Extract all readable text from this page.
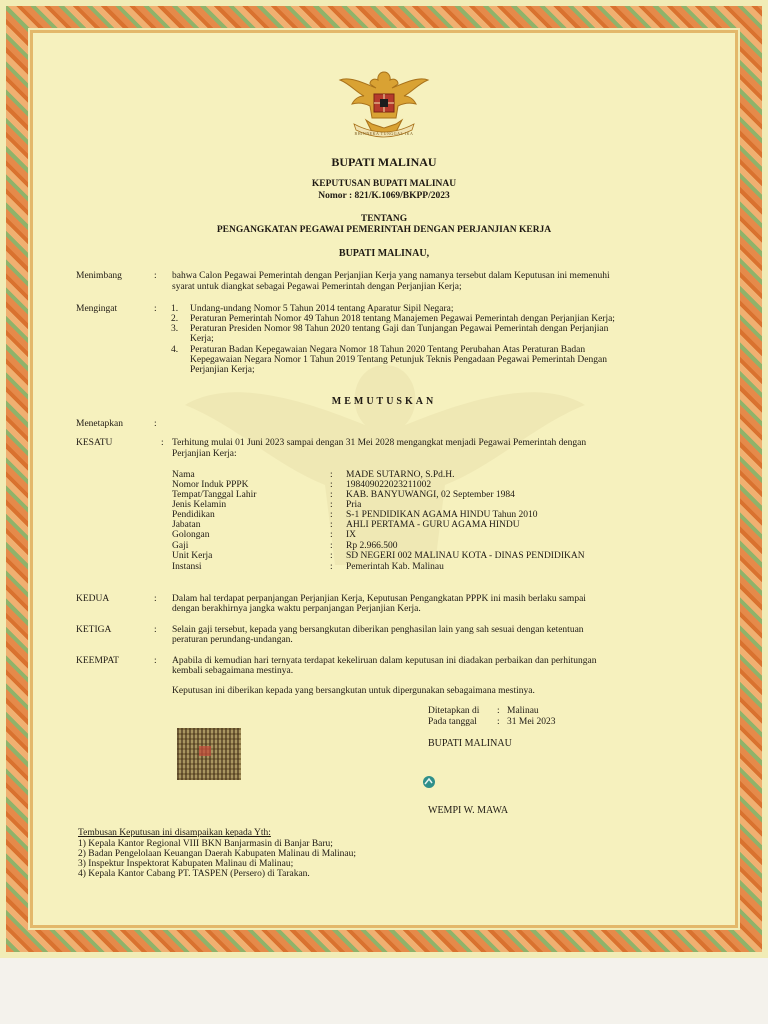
BHINNEKA TUNGGAL IKA
BUPATI MALINAU
KEPUTUSAN BUPATI MALINAU
Nomor : 821/K.1069/BKPP/2023
TENTANG
PENGANGKATAN PEGAWAI PEMERINTAH DENGAN PERJANJIAN KERJA
BUPATI MALINAU,
Menimbang	: bahwa Calon Pegawai Pemerintah dengan Perjanjian Kerja yang namanya tersebut dalam Keputusan ini memenuhi
syarat untuk diangkat sebagai Pegawai Pemerintah dengan Perjanjian Kerja;
Mengingat	: 1. Undang-undang Nomor 5 Tahun 2014 tentang Aparatur Sipil Negara;
2. Peraturan Pemerintah Nomor 49 Tahun 2018 tentang Manajemen Pegawai Pemerintah dengan Perjanjian Kerja;
3. Peraturan Presiden Nomor 98 Tahun 2020 tentang Gaji dan Tunjangan Pegawai Pemerintah dengan Perjanjian
Kerja;
4. Peraturan Badan Kepegawaian Negara Nomor 18 Tahun 2020 Tentang Perubahan Atas Peraturan Badan
Kepegawaian Negara Nomor 1 Tahun 2019 Tentang Petunjuk Teknis Pengadaan Pegawai Pemerintah Dengan
Perjanjian Kerja;
MEMUTUSKAN
Menetapkan	:
KESATU	: Terhitung mulai 01 Juni 2023 sampai dengan 31 Mei 2028 mengangkat menjadi Pegawai Pemerintah dengan
Perjanjian Kerja:
Nama	: MADE SUTARNO, S.Pd.H.
Nomor Induk PPPK	: 198409022023211002
Tempat/Tanggal Lahir	: KAB. BANYUWANGI, 02 September 1984
Jenis Kelamin	: Pria
Pendidikan	: S-1 PENDIDIKAN AGAMA HINDU Tahun 2010
Jabatan	: AHLI PERTAMA - GURU AGAMA HINDU
Golongan	: IX
Gaji	: Rp 2.966.500
Unit Kerja	: SD NEGERI 002 MALINAU KOTA - DINAS PENDIDIKAN
Instansi	: Pemerintah Kab. Malinau
KEDUA	: Dalam hal terdapat perpanjangan Perjanjian Kerja, Keputusan Pengangkatan PPPK ini masih berlaku sampai
dengan berakhirnya jangka waktu perpanjangan Perjanjian Kerja.
KETIGA	: Selain gaji tersebut, kepada yang bersangkutan diberikan penghasilan lain yang sah sesuai dengan ketentuan
peraturan perundang-undangan.
KEEMPAT	: Apabila di kemudian hari ternyata terdapat kekeliruan dalam keputusan ini diadakan perbaikan dan perhitungan
kembali sebagaimana mestinya.
Keputusan ini diberikan kepada yang bersangkutan untuk dipergunakan sebagaimana mestinya.
Ditetapkan di : Malinau
Pada tanggal : 31 Mei 2023
BUPATI MALINAU
WEMPI W. MAWA
Tembusan Keputusan ini disampaikan kepada Yth:
1) Kepala Kantor Regional VIII BKN Banjarmasin di Banjar Baru;
2) Badan Pengelolaan Keuangan Daerah Kabupaten Malinau di Malinau;
3) Inspektur Inspektorat Kabupaten Malinau di Malinau;
4) Kepala Kantor Cabang PT. TASPEN (Persero) di Tarakan.
